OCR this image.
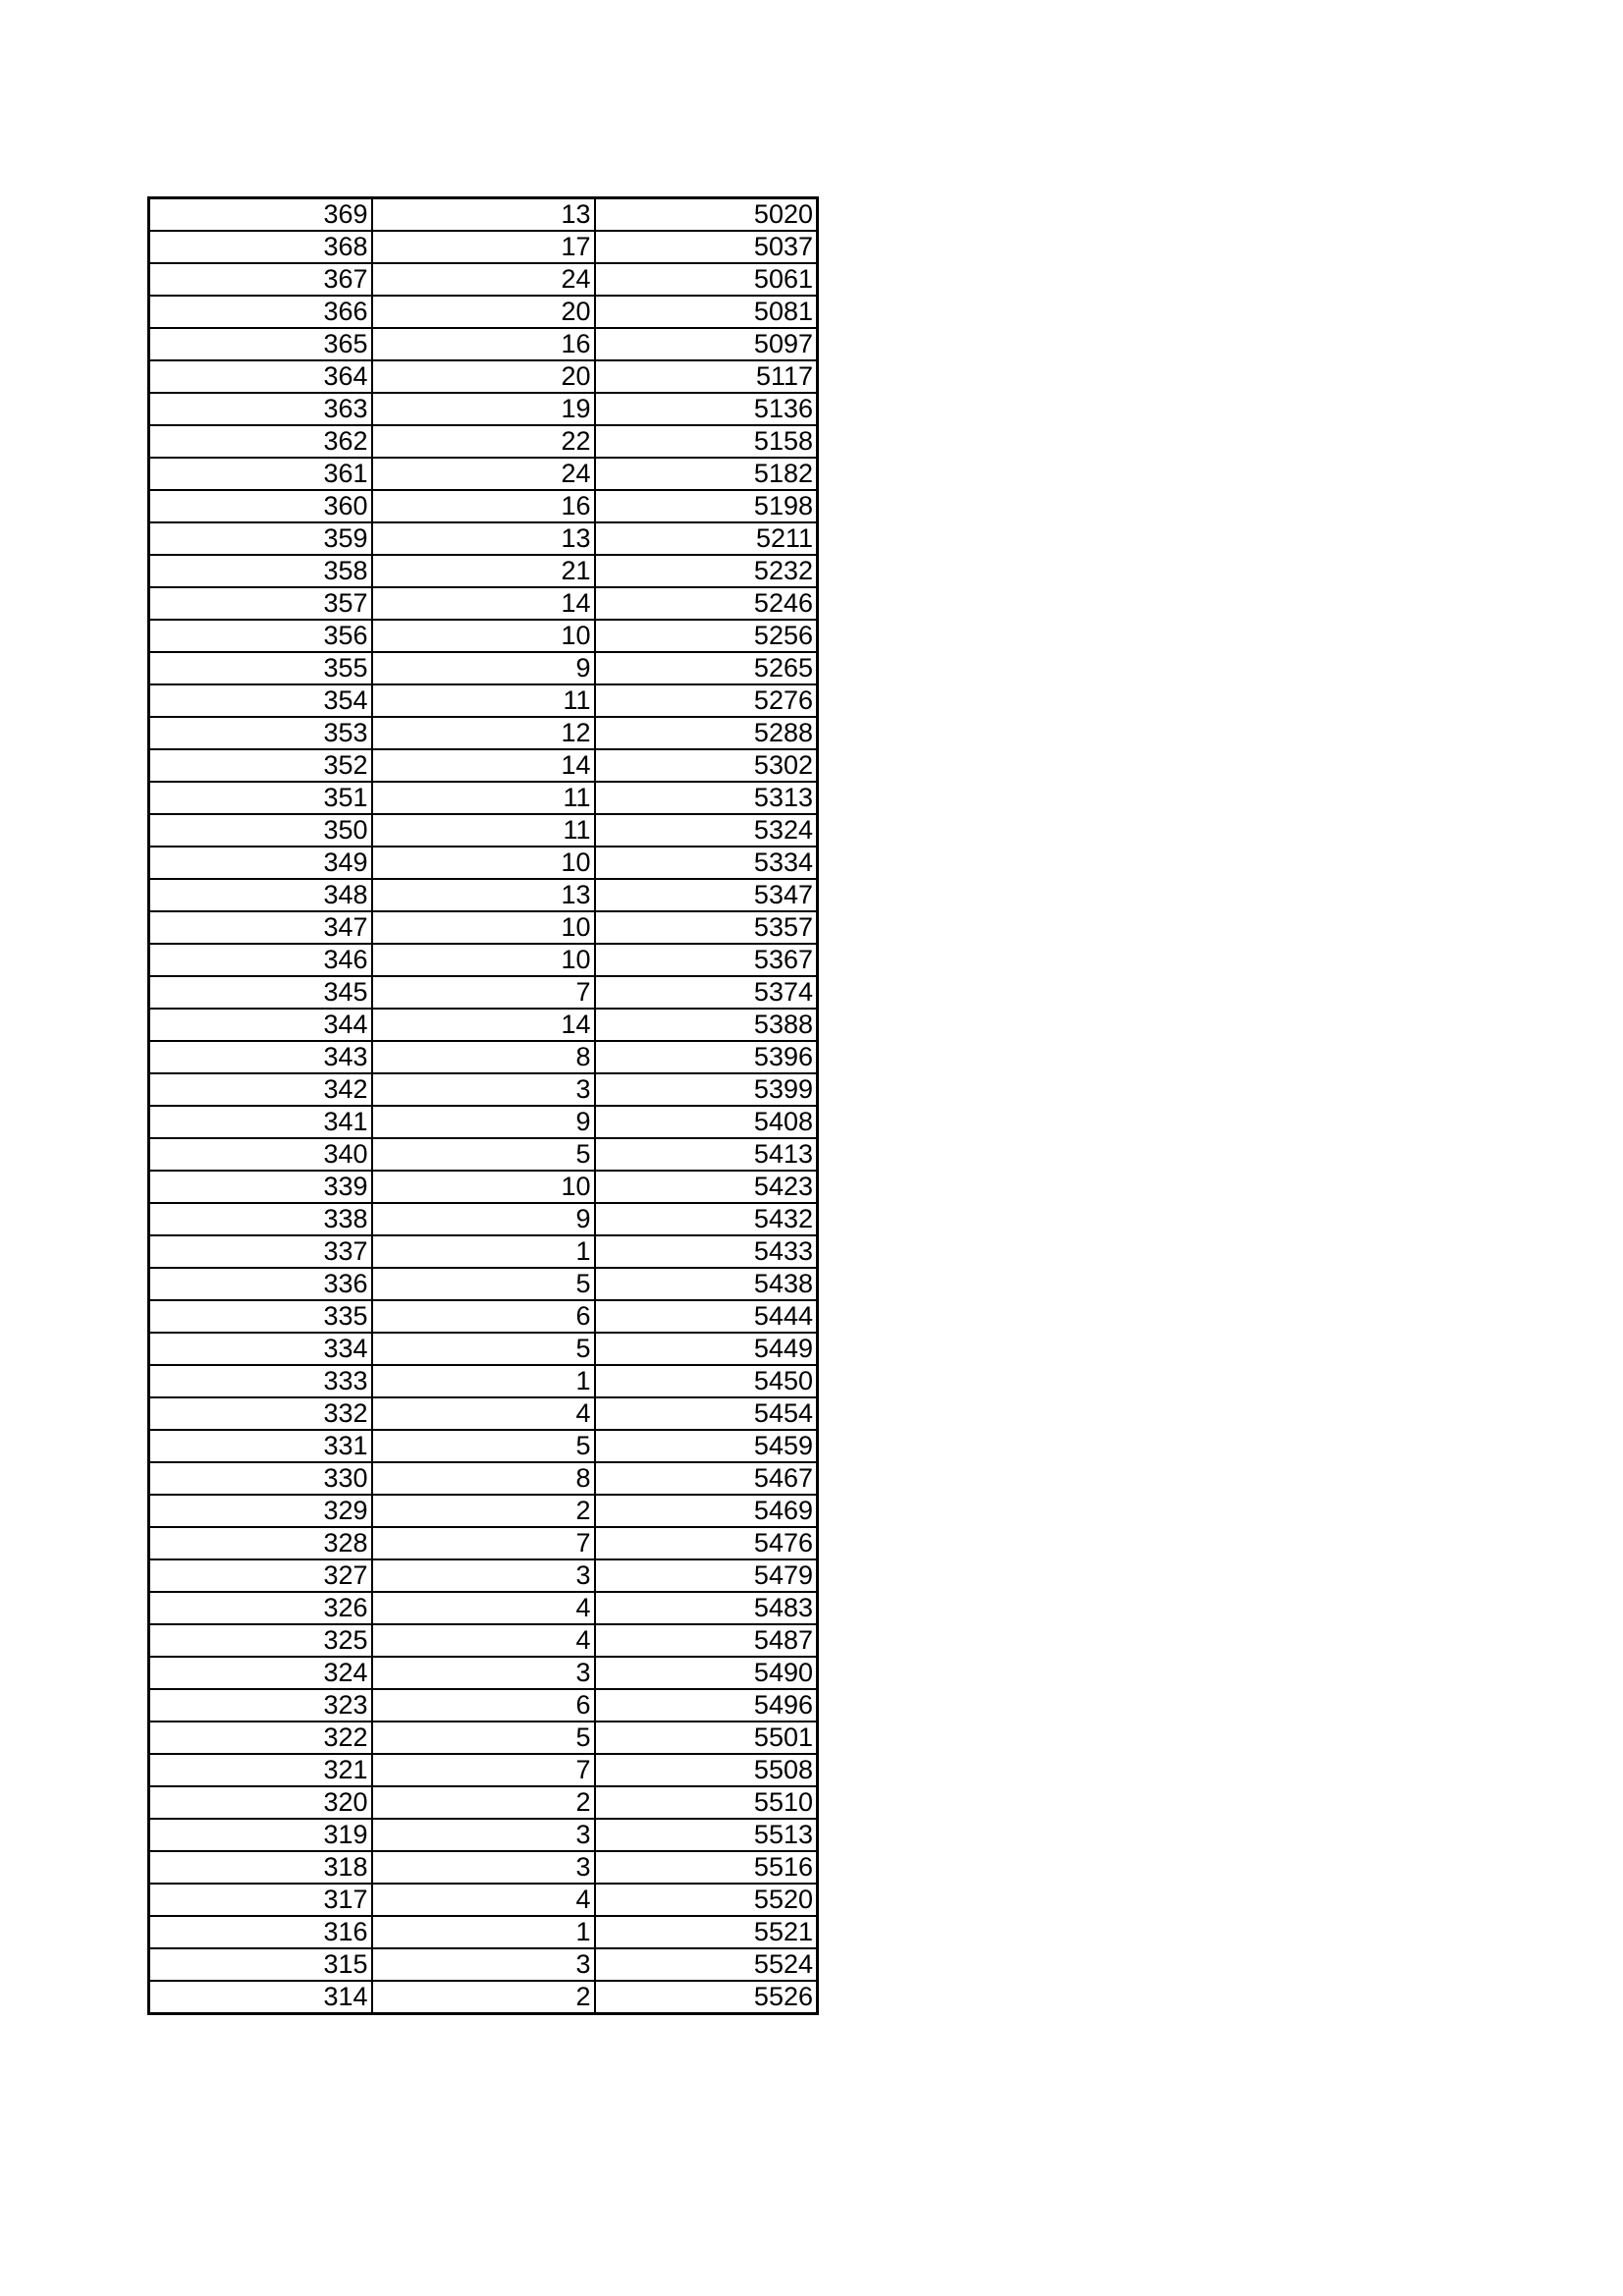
369	13	5020
368	17	5037
367	24	5061
366	20	5081
365	16	5097
364	20	5117
363	19	5136
362	22	5158
361	24	5182
360	16	5198
359	13	5211
358	21	5232
357	14	5246
356	10	5256
355	9	5265
354	11	5276
353	12	5288
352	14	5302
351	11	5313
350	11	5324
349	10	5334
348	13	5347
347	10	5357
346	10	5367
345	7	5374
344	14	5388
343	8	5396
342	3	5399
341	9	5408
340	5	5413
339	10	5423
338	9	5432
337	1	5433
336	5	5438
335	6	5444
334	5	5449
333	1	5450
332	4	5454
331	5	5459
330	8	5467
329	2	5469
328	7	5476
327	3	5479
326	4	5483
325	4	5487
324	3	5490
323	6	5496
322	5	5501
321	7	5508
320	2	5510
319	3	5513
318	3	5516
317	4	5520
316	1	5521
315	3	5524
314	2	5526
